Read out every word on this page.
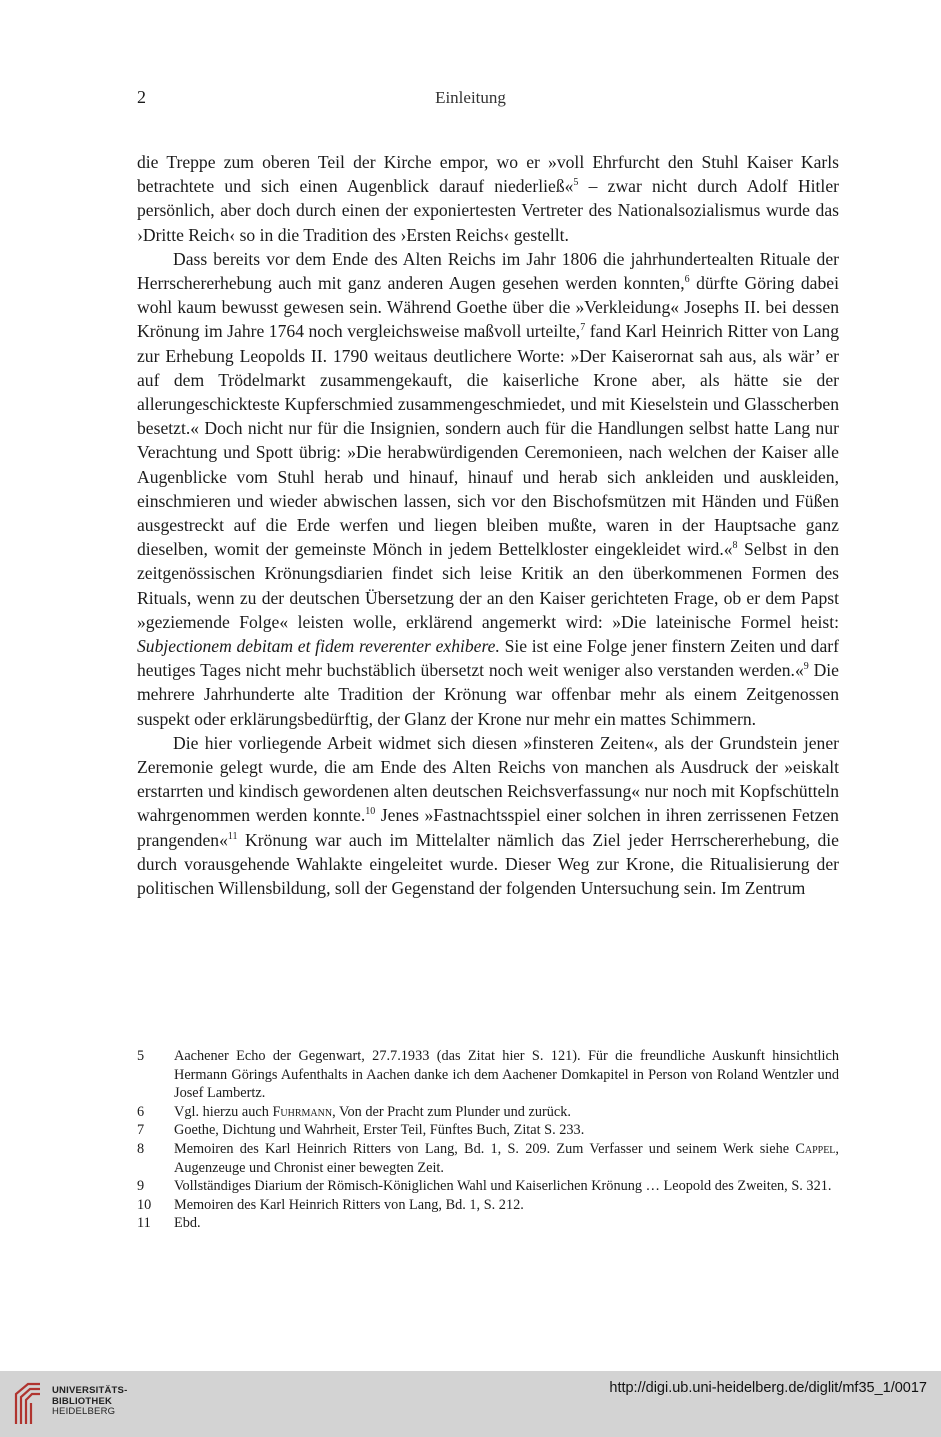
2	Einleitung

die Treppe zum oberen Teil der Kirche empor, wo er »voll Ehrfurcht den Stuhl Kaiser Karls betrachtete und sich einen Augenblick darauf niederließ«$^5$ – zwar nicht durch Adolf Hitler persönlich, aber doch durch einen der exponiertesten Vertreter des Nationalsozialismus wurde das ›Dritte Reich‹ so in die Tradition des ›Ersten Reichs‹ gestellt.

Dass bereits vor dem Ende des Alten Reichs im Jahr 1806 die jahrhundertealten Rituale der Herrschererhebung auch mit ganz anderen Augen gesehen werden konnten,$^6$ dürfte Göring dabei wohl kaum bewusst gewesen sein. Während Goethe über die »Verkleidung« Josephs II. bei dessen Krönung im Jahre 1764 noch vergleichsweise maßvoll urteilte,$^7$ fand Karl Heinrich Ritter von Lang zur Erhebung Leopolds II. 1790 weitaus deutlichere Worte: »Der Kaiserornat sah aus, als wär’ er auf dem Trödelmarkt zusammengekauft, die kaiserliche Krone aber, als hätte sie der allerungeschickteste Kupferschmied zusammengeschmiedet, und mit Kieselstein und Glasscherben besetzt.« Doch nicht nur für die Insignien, sondern auch für die Handlungen selbst hatte Lang nur Verachtung und Spott übrig: »Die herabwürdigenden Ceremonieen, nach welchen der Kaiser alle Augenblicke vom Stuhl herab und hinauf, hinauf und herab sich ankleiden und auskleiden, einschmieren und wieder abwischen lassen, sich vor den Bischofsmützen mit Händen und Füßen ausgestreckt auf die Erde werfen und liegen bleiben mußte, waren in der Hauptsache ganz dieselben, womit der gemeinste Mönch in jedem Bettelkloster eingekleidet wird.«$^8$ Selbst in den zeitgenössischen Krönungsdiarien findet sich leise Kritik an den überkommenen Formen des Rituals, wenn zu der deutschen Übersetzung der an den Kaiser gerichteten Frage, ob er dem Papst »geziemende Folge« leisten wolle, erklärend angemerkt wird: »Die lateinische Formel heist: Subjectionem debitam et fidem reverenter exhibere. Sie ist eine Folge jener finstern Zeiten und darf heutiges Tages nicht mehr buchstäblich übersetzt noch weit weniger also verstanden werden.«$^9$ Die mehrere Jahrhunderte alte Tradition der Krönung war offenbar mehr als einem Zeitgenossen suspekt oder erklärungsbedürftig, der Glanz der Krone nur mehr ein mattes Schimmern.

Die hier vorliegende Arbeit widmet sich diesen »finsteren Zeiten«, als der Grundstein jener Zeremonie gelegt wurde, die am Ende des Alten Reichs von manchen als Ausdruck der »eiskalt erstarrten und kindisch gewordenen alten deutschen Reichsverfassung« nur noch mit Kopfschütteln wahrgenommen werden konnte.$^{10}$ Jenes »Fastnachtsspiel einer solchen in ihren zerrissenen Fetzen prangenden«$^{11}$ Krönung war auch im Mittelalter nämlich das Ziel jeder Herrschererhebung, die durch vorausgehende Wahlakte eingeleitet wurde. Dieser Weg zur Krone, die Ritualisierung der politischen Willensbildung, soll der Gegenstand der folgenden Untersuchung sein. Im Zentrum

5	Aachener Echo der Gegenwart, 27.7.1933 (das Zitat hier S. 121). Für die freundliche Auskunft hinsichtlich Hermann Görings Aufenthalts in Aachen danke ich dem Aachener Domkapitel in Person von Roland Wentzler und Josef Lambertz.
6	Vgl. hierzu auch Fuhrmann, Von der Pracht zum Plunder und zurück.
7	Goethe, Dichtung und Wahrheit, Erster Teil, Fünftes Buch, Zitat S. 233.
8	Memoiren des Karl Heinrich Ritters von Lang, Bd. 1, S. 209. Zum Verfasser und seinem Werk siehe Cappel, Augenzeuge und Chronist einer bewegten Zeit.
9	Vollständiges Diarium der Römisch-Königlichen Wahl und Kaiserlichen Krönung … Leopold des Zweiten, S. 321.
10	Memoiren des Karl Heinrich Ritters von Lang, Bd. 1, S. 212.
11	Ebd.
UNIVERSITÄTS-
BIBLIOTHEK
HEIDELBERG
http://digi.ub.uni-heidelberg.de/diglit/mf35_1/0017
